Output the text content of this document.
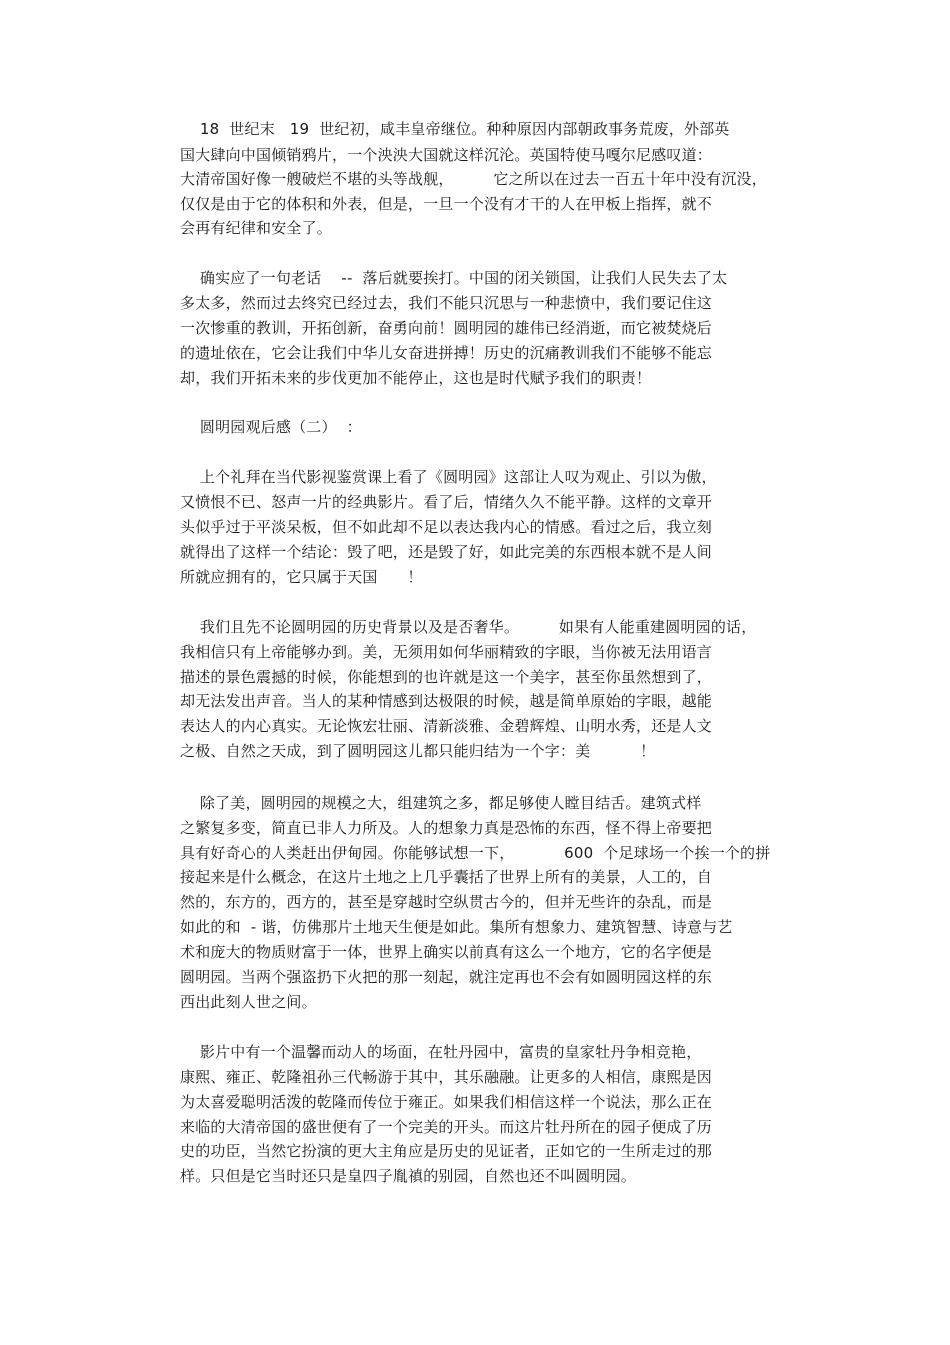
18  世纪末   19  世纪初，咸丰皇帝继位。种种原因内部朝政事务荒废，外部英
国大肆向中国倾销鸦片，一个泱泱大国就这样沉沦。英国特使马嘎尔尼感叹道：
大清帝国好像一艘破烂不堪的头等战舰，        它之所以在过去一百五十年中没有沉没，
仅仅是由于它的体积和外表，但是，一旦一个没有才干的人在甲板上指挥，就不
会再有纪律和安全了。
确实应了一句老话    --  落后就要挨打。中国的闭关锁国，让我们人民失去了太
多太多，然而过去终究已经过去，我们不能只沉思与一种悲愤中，我们要记住这
一次惨重的教训，开拓创新，奋勇向前！圆明园的雄伟已经消逝，而它被焚烧后
的遗址依在，它会让我们中华儿女奋进拼搏！历史的沉痛教训我们不能够不能忘
却，我们开拓未来的步伐更加不能停止，这也是时代赋予我们的职责！
圆明园观后感（二）  ：
上个礼拜在当代影视鉴赏课上看了《圆明园》这部让人叹为观止、引以为傲，
又愤恨不已、怒声一片的经典影片。看了后，情绪久久不能平静。这样的文章开
头似乎过于平淡呆板，但不如此却不足以表达我内心的情感。看过之后，我立刻
就得出了这样一个结论：毁了吧，还是毁了好，如此完美的东西根本就不是人间
所就应拥有的，它只属于天国      ！
我们且先不论圆明园的历史背景以及是否奢华。        如果有人能重建圆明园的话，
我相信只有上帝能够办到。美，无须用如何华丽精致的字眼，当你被无法用语言
描述的景色震撼的时候，你能想到的也许就是这一个美字，甚至你虽然想到了，
却无法发出声音。当人的某种情感到达极限的时候，越是简单原始的字眼，越能
表达人的内心真实。无论恢宏壮丽、清新淡雅、金碧辉煌、山明水秀，还是人文
之极、自然之天成，到了圆明园这儿都只能归结为一个字：美          ！
除了美，圆明园的规模之大，组建筑之多，都足够使人瞠目结舌。建筑式样
之繁复多变，简直已非人力所及。人的想象力真是恐怖的东西，怪不得上帝要把
具有好奇心的人类赶出伊甸园。你能够试想一下，          600  个足球场一个挨一个的拼
接起来是什么概念，在这片土地之上几乎囊括了世界上所有的美景，人工的，自
然的，东方的，西方的，甚至是穿越时空纵贯古今的，但并无些许的杂乱，而是
如此的和  - 谐，仿佛那片土地天生便是如此。集所有想象力、建筑智慧、诗意与艺
术和庞大的物质财富于一体，世界上确实以前真有这么一个地方，它的名字便是
圆明园。当两个强盗扔下火把的那一刻起，就注定再也不会有如圆明园这样的东
西出此刻人世之间。
影片中有一个温馨而动人的场面，在牡丹园中，富贵的皇家牡丹争相竞艳，
康熙、雍正、乾隆祖孙三代畅游于其中，其乐融融。让更多的人相信，康熙是因
为太喜爱聪明活泼的乾隆而传位于雍正。如果我们相信这样一个说法，那么正在
来临的大清帝国的盛世便有了一个完美的开头。而这片牡丹所在的园子便成了历
史的功臣，当然它扮演的更大主角应是历史的见证者，正如它的一生所走过的那
样。只但是它当时还只是皇四子胤禛的别园，自然也还不叫圆明园。
